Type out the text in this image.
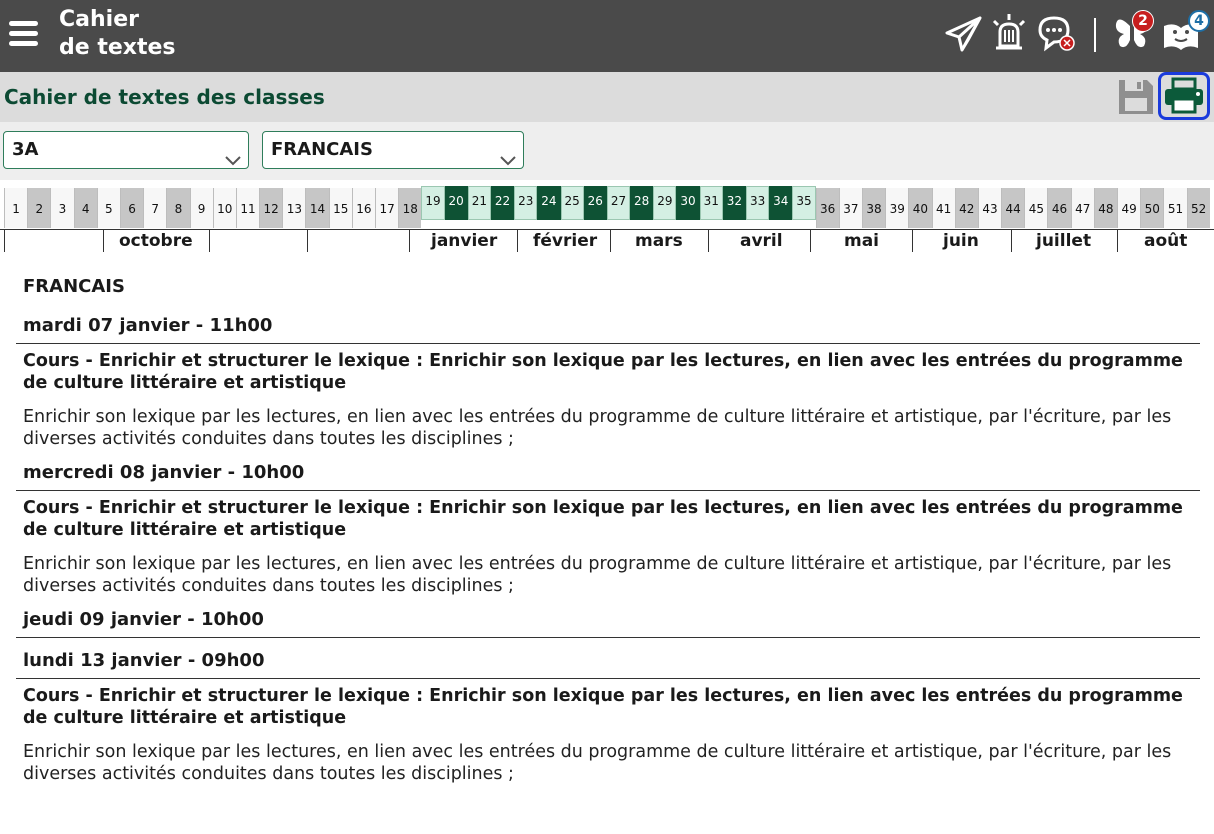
Cahier
de textes
2	4
Cahier de textes des classes
3A	FRANCAIS
1	2	3	4	5	6	7	8	9 10 11 12 13 14 15 16 17 18
19 20 21 22 23 24 25 26 27 28 29 30 31 32 33 34 35
36 37 38 39 40 41 42 43 44 45 46 47 48 49 50 51 52
octobre	janvier février mars	avril	mai	juin	juillet	août
FRANCAIS
mardi 07 janvier - 11h00
Cours - Enrichir et structurer le lexique : Enrichir son lexique par les lectures, en lien avec les entrées du programme de culture littéraire et artistique
Enrichir son lexique par les lectures, en lien avec les entrées du programme de culture littéraire et artistique, par l'écriture, par les diverses activités conduites dans toutes les disciplines ;
mercredi 08 janvier - 10h00
Cours - Enrichir et structurer le lexique : Enrichir son lexique par les lectures, en lien avec les entrées du programme de culture littéraire et artistique
Enrichir son lexique par les lectures, en lien avec les entrées du programme de culture littéraire et artistique, par l'écriture, par les diverses activités conduites dans toutes les disciplines ;
jeudi 09 janvier - 10h00
lundi 13 janvier - 09h00
Cours - Enrichir et structurer le lexique : Enrichir son lexique par les lectures, en lien avec les entrées du programme de culture littéraire et artistique
Enrichir son lexique par les lectures, en lien avec les entrées du programme de culture littéraire et artistique, par l'écriture, par les diverses activités conduites dans toutes les disciplines ;
